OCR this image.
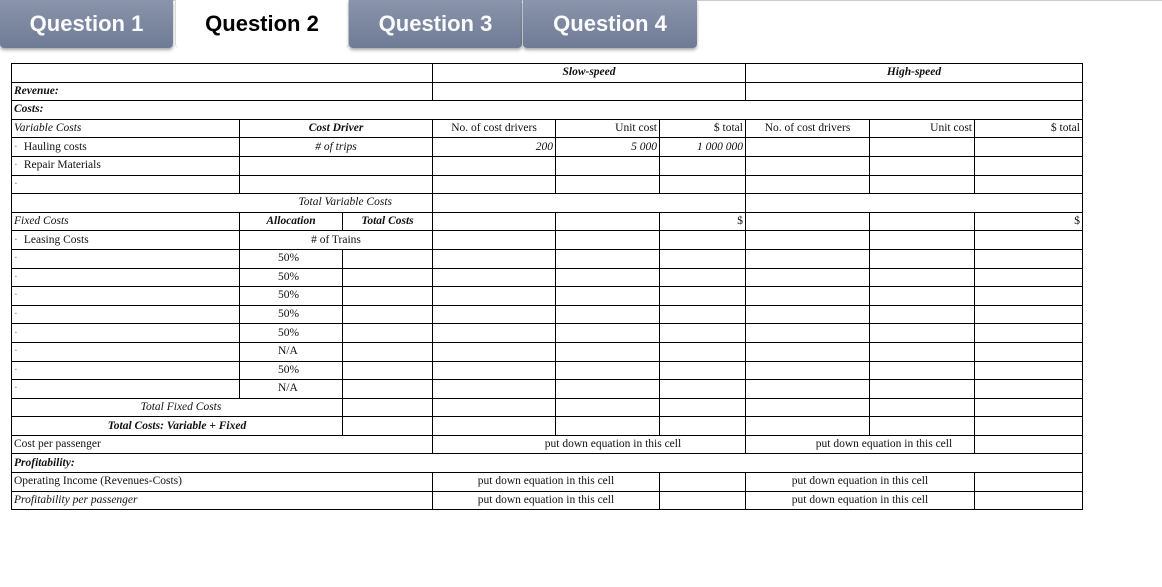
Question 1	Question 2	Question 3	Question 4
			Slow-speed			High-speed		
Revenue:								
Costs:								
Variable Costs	Cost Driver		No. of cost drivers	Unit cost	$ total	No. of cost drivers	Unit cost	$ total
· Hauling costs	# of trips		200	5 000	1 000 000			
· Repair Materials							
·							
Total Variable Costs								
Fixed Costs	Allocation	Total Costs			$			$
· Leasing Costs	# of Trains							
·	50%							
·	50%							
·	50%							
·	50%							
·	50%							
·	N/A							
·	50%							
·	N/A							
Total Fixed Costs								
Total Costs: Variable + Fixed								
Cost per passenger			put down equation in this cell			put down equation in this cell		
Profitability:								
Operating Income (Revenues-Costs)			put down equation in this cell			put down equation in this cell		
Profitability per passenger			put down equation in this cell			put down equation in this cell		
